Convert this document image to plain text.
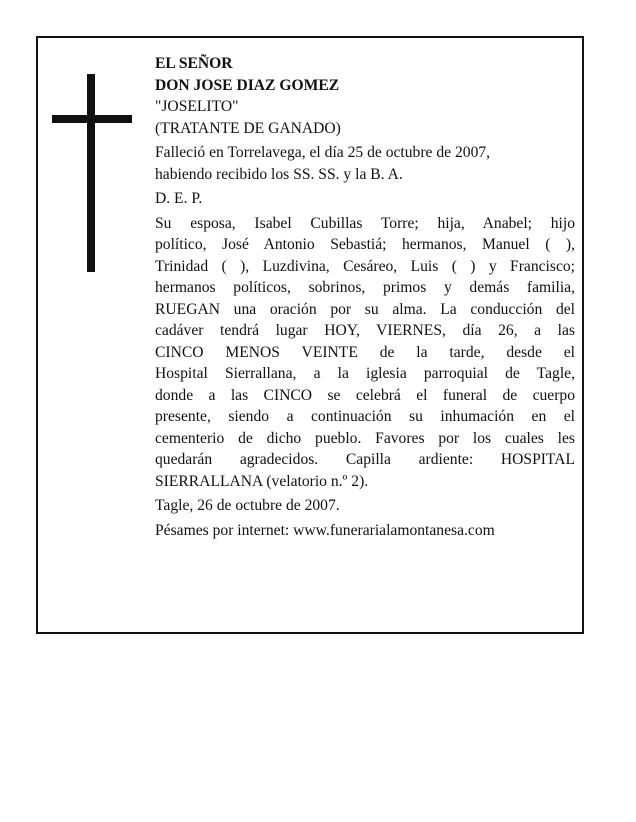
EL SEÑOR

DON JOSE DIAZ GOMEZ

"JOSELITO"

(TRATANTE DE GANADO)

Falleció en Torrelavega, el día 25 de octubre de 2007,

habiendo recibido los SS. SS. y la B. A.

D. E. P.

Su esposa, Isabel Cubillas Torre; hija, Anabel; hijo
político, José Antonio Sebastiá; hermanos, Manuel ( ),
Trinidad ( ), Luzdivina, Cesáreo, Luis ( ) y Francisco;
hermanos políticos, sobrinos, primos y demás familia,
RUEGAN una oración por su alma. La conducción del
cadáver tendrá lugar HOY, VIERNES, día 26, a las
CINCO MENOS VEINTE de la tarde, desde el
Hospital Sierrallana, a la iglesia parroquial de Tagle,
donde a las CINCO se celebrá el funeral de cuerpo
presente, siendo a continuación su inhumación en el
cementerio de dicho pueblo. Favores por los cuales les
quedarán agradecidos. Capilla ardiente: HOSPITAL
SIERRALLANA (velatorio n.º 2).

Tagle, 26 de octubre de 2007.

Pésames por internet: www.funerarialamontanesa.com
